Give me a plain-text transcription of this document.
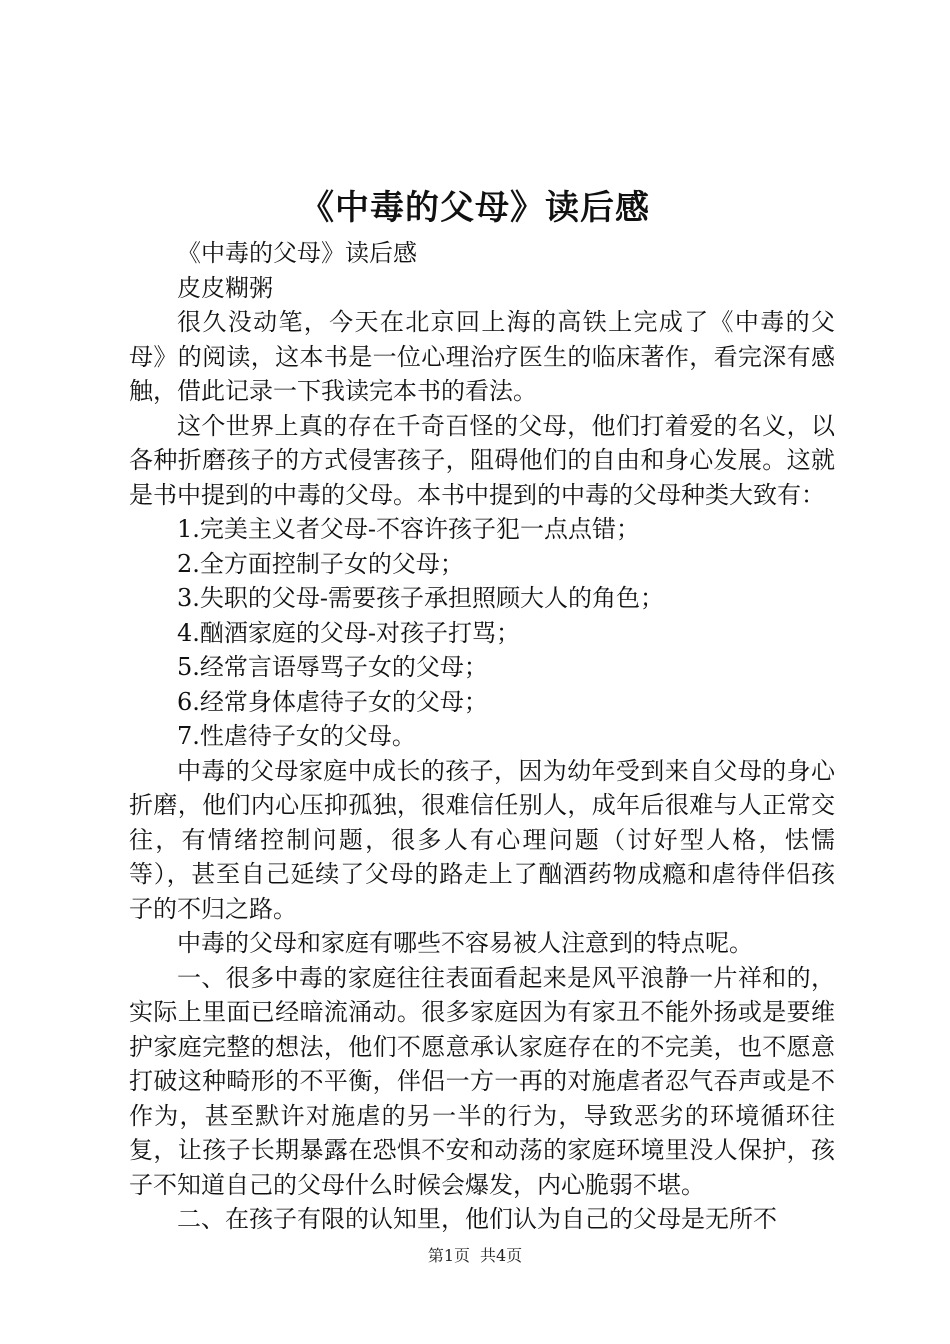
《中毒的父母》读后感

《中毒的父母》读后感

皮皮糊粥

很久没动笔，今天在北京回上海的高铁上完成了《中毒的父母》的阅读，这本书是一位心理治疗医生的临床著作，看完深有感触，借此记录一下我读完本书的看法。

这个世界上真的存在千奇百怪的父母，他们打着爱的名义，以各种折磨孩子的方式侵害孩子，阻碍他们的自由和身心发展。这就是书中提到的中毒的父母。本书中提到的中毒的父母种类大致有：

1.完美主义者父母-不容许孩子犯一点点错；

2.全方面控制子女的父母；

3.失职的父母-需要孩子承担照顾大人的角色；

4.酗酒家庭的父母-对孩子打骂；

5.经常言语辱骂子女的父母；

6.经常身体虐待子女的父母；

7.性虐待子女的父母。

中毒的父母家庭中成长的孩子，因为幼年受到来自父母的身心折磨，他们内心压抑孤独，很难信任别人，成年后很难与人正常交往，有情绪控制问题，很多人有心理问题（讨好型人格，怯懦等），甚至自己延续了父母的路走上了酗酒药物成瘾和虐待伴侣孩子的不归之路。

中毒的父母和家庭有哪些不容易被人注意到的特点呢。

一、很多中毒的家庭往往表面看起来是风平浪静一片祥和的，实际上里面已经暗流涌动。很多家庭因为有家丑不能外扬或是要维护家庭完整的想法，他们不愿意承认家庭存在的不完美，也不愿意打破这种畸形的不平衡，伴侣一方一再的对施虐者忍气吞声或是不作为，甚至默许对施虐的另一半的行为，导致恶劣的环境循环往复，让孩子长期暴露在恐惧不安和动荡的家庭环境里没人保护，孩子不知道自己的父母什么时候会爆发，内心脆弱不堪。

二、在孩子有限的认知里，他们认为自己的父母是无所不

第1页 共4页
